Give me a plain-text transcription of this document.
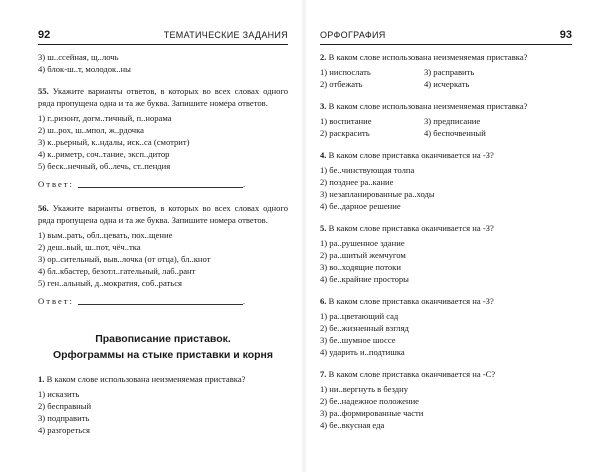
92	ТЕМАТИЧЕСКИЕ ЗАДАНИЯ
3) ш..ссейная, щ..лочь
4) блок-ш..т, молодок..ны
55. Укажите варианты ответов, в которых во всех словах одного ряда пропущена одна и та же буква. Запишите номера ответов.
1) г..ризонт, догм..тичный, п..норама
2) ш..рох, ш..мпол, ж..рдочка
3) к..рьерный, к..ндалы, иск..са (смотрит)
4) к..риметр, соч..тание, эксп..дитор
5) беск..нечный, об..лечь, ст..пендия
Ответ:	.
56. Укажите варианты ответов, в которых во всех словах одного ряда пропущена одна и та же буква. Запишите номера ответов.
1) вым..рать, обл..цевать, пох..щение
2) деш..вый, ш..пот, чёч..тка
3) ор..сительный, выв..лочка (от отца), бл..кнот
4) бл..кбастер, безотл..гательный, лаб..рант
5) ген..альный, д..мократия, соб..раться
Ответ:	.
Правописание приставок.
Орфограммы на стыке приставки и корня
1. В каком слове использована неизменяемая приставка?
1) исказить
2) бесправный
3) подправить
4) разгореться
ОРФОГРАФИЯ	93
2. В каком слове использована неизменяемая приставка?
1) ниспослать	3) расправить
2) отбежать	4) исчеркать
3. В каком слове использована неизменяемая приставка?
1) воспитание	3) предписание
2) раскрасить	4) беспочвенный
4. В каком слове приставка оканчивается на -З?
1) бе..чинствующая толпа
2) позднее ра..кание
3) незапланированные ра..ходы
4) бе..дарное решение
5. В каком слове приставка оканчивается на -З?
1) ра..рушенное здание
2) ра..шитый жемчугом
3) во..ходящие потоки
4) бе..крайние просторы
6. В каком слове приставка оканчивается на -З?
1) ра..цветающий сад
2) бе..жизненный взгляд
3) бе..шумное шоссе
4) ударить и..подтишка
7. В каком слове приставка оканчивается на -С?
1) ни..вергнуть в бездну
2) бе..надежное положение
3) ра..формированные части
4) бе..вкусная еда
